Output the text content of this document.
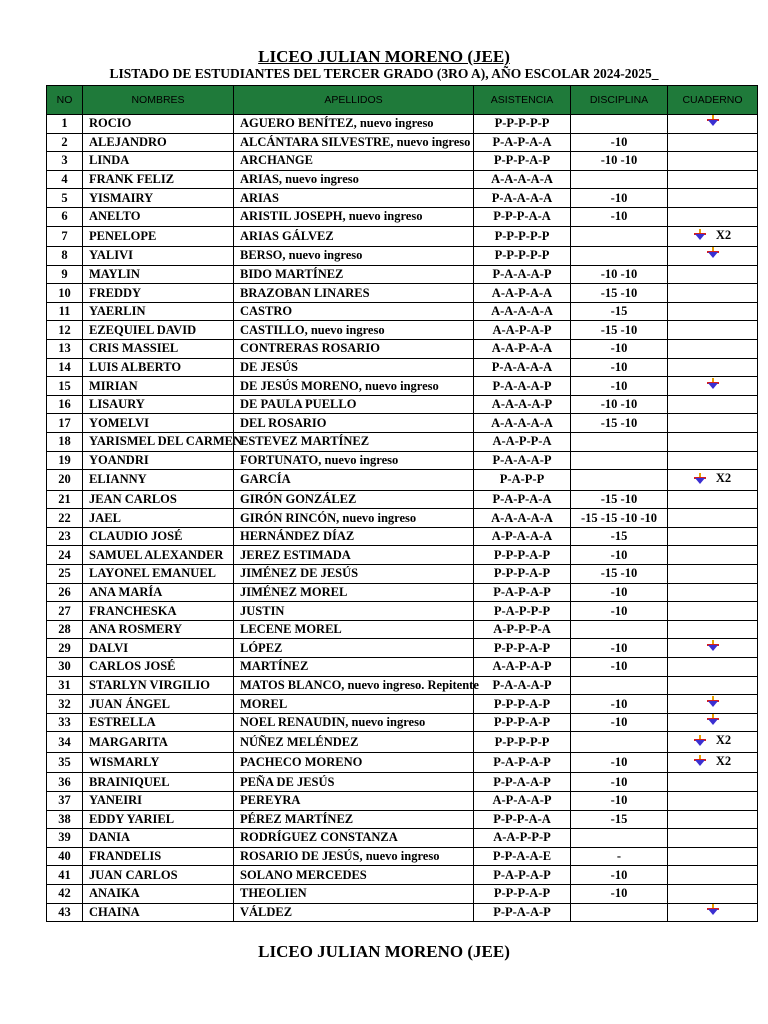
LICEO JULIAN MORENO (JEE)
LISTADO DE ESTUDIANTES DEL TERCER GRADO (3RO A), AÑO ESCOLAR 2024-2025_
NO	NOMBRES	APELLIDOS	ASISTENCIA	DISCIPLINA	CUADERNO
1	ROCIO	AGUERO BENÍTEZ, nuevo ingreso	P-P-P-P-P		

2	ALEJANDRO	ALCÁNTARA SILVESTRE, nuevo ingreso	P-A-P-A-A	-10	
3	LINDA	ARCHANGE	P-P-P-A-P	-10 -10	
4	FRANK FELIZ	ARIAS, nuevo ingreso	A-A-A-A-A		
5	YISMAIRY	ARIAS	P-A-A-A-A	-10	
6	ANELTO	ARISTIL JOSEPH, nuevo ingreso	P-P-P-A-A	-10	
7	PENELOPE	ARIAS GÁLVEZ	P-P-P-P-P		X2

8	YALIVI	BERSO, nuevo ingreso	P-P-P-P-P		

9	MAYLIN	BIDO MARTÍNEZ	P-A-A-A-P	-10 -10	
10	FREDDY	BRAZOBAN LINARES	A-A-P-A-A	-15 -10	
11	YAERLIN	CASTRO	A-A-A-A-A	-15	
12	EZEQUIEL DAVID	CASTILLO, nuevo ingreso	A-A-P-A-P	-15 -10	
13	CRIS MASSIEL	CONTRERAS ROSARIO	A-A-P-A-A	-10	
14	LUIS ALBERTO	DE JESÚS	P-A-A-A-A	-10	
15	MIRIAN	DE JESÚS MORENO, nuevo ingreso	P-A-A-A-P	-10	

16	LISAURY	DE PAULA PUELLO	A-A-A-A-P	-10 -10	
17	YOMELVI	DEL ROSARIO	A-A-A-A-A	-15 -10	
18	YARISMEL DEL CARMEN	ESTEVEZ MARTÍNEZ	A-A-P-P-A		
19	YOANDRI	FORTUNATO, nuevo ingreso	P-A-A-A-P		
20	ELIANNY	GARCÍA	P-A-P-P		X2

21	JEAN CARLOS	GIRÓN GONZÁLEZ	P-A-P-A-A	-15 -10	
22	JAEL	GIRÓN RINCÓN, nuevo ingreso	A-A-A-A-A	-15 -15 -10 -10	
23	CLAUDIO JOSÉ	HERNÁNDEZ DÍAZ	A-P-A-A-A	-15	
24	SAMUEL ALEXANDER	JEREZ ESTIMADA	P-P-P-A-P	-10	
25	LAYONEL EMANUEL	JIMÉNEZ DE JESÚS	P-P-P-A-P	-15 -10	
26	ANA MARÍA	JIMÉNEZ MOREL	P-A-P-A-P	-10	
27	FRANCHESKA	JUSTIN	P-A-P-P-P	-10	
28	ANA ROSMERY	LECENE MOREL	A-P-P-P-A		
29	DALVI	LÓPEZ	P-P-P-A-P	-10	

30	CARLOS JOSÉ	MARTÍNEZ	A-A-P-A-P	-10	
31	STARLYN VIRGILIO	MATOS BLANCO, nuevo ingreso. Repitente	P-A-A-A-P		
32	JUAN ÁNGEL	MOREL	P-P-P-A-P	-10	

33	ESTRELLA	NOEL RENAUDIN, nuevo ingreso	P-P-P-A-P	-10	

34	MARGARITA	NÚÑEZ MELÉNDEZ	P-P-P-P-P		X2

35	WISMARLY	PACHECO MORENO	P-A-P-A-P	-10	X2

36	BRAINIQUEL	PEÑA DE JESÚS	P-P-A-A-P	-10	
37	YANEIRI	PEREYRA	A-P-A-A-P	-10	
38	EDDY YARIEL	PÉREZ MARTÍNEZ	P-P-P-A-A	-15	
39	DANIA	RODRÍGUEZ CONSTANZA	A-A-P-P-P		
40	FRANDELIS	ROSARIO DE JESÚS, nuevo ingreso	P-P-A-A-E	-	
41	JUAN CARLOS	SOLANO MERCEDES	P-A-P-A-P	-10	
42	ANAIKA	THEOLIEN	P-P-P-A-P	-10	
43	CHAINA	VÁLDEZ	P-P-A-A-P		
LICEO JULIAN MORENO (JEE)
